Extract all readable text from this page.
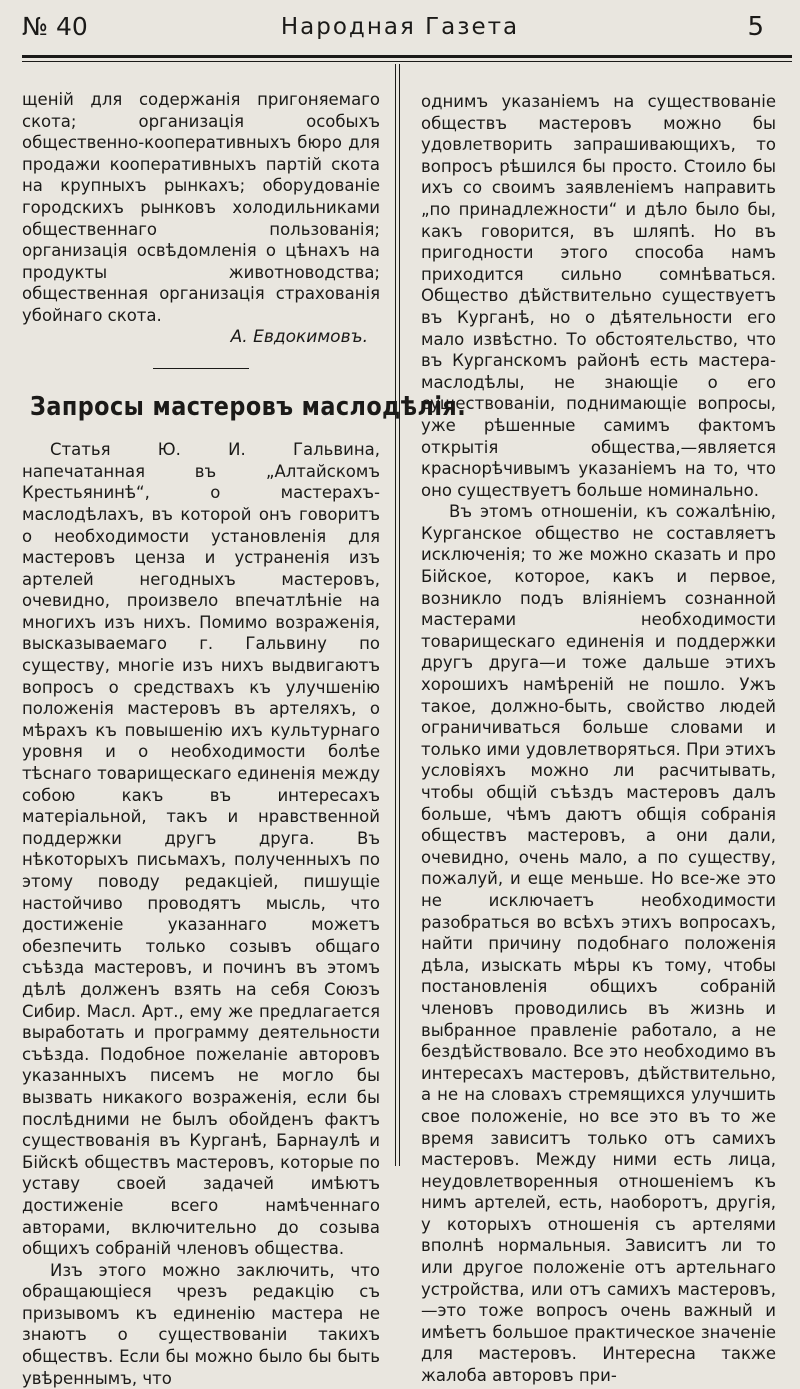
№ 40	Народная Газета	5

щеній для содержанія пригоняемаго скота; организація особыхъ общественно-кооперативныхъ бюро для продажи кооперативныхъ партій скота на крупныхъ рынкахъ; оборудованіе городскихъ рынковъ холодильниками общественнаго пользованія; организація освѣдомленія о цѣнахъ на продукты животноводства; общественная организація страхованія убойнаго скота.

А. Евдокимовъ.

Запросы мастеровъ маслодѣлія.

Статья Ю. И. Гальвина, напечатанная въ „Алтайскомъ Крестьянинѣ“, о мастерахъ-маслодѣлахъ, въ которой онъ говоритъ о необходимости установленія для мастеровъ ценза и устраненія изъ артелей негодныхъ мастеровъ, очевидно, произвело впечатлѣніе на многихъ изъ нихъ. Помимо возраженія, высказываемаго г. Гальвину по существу, многіе изъ нихъ выдвигаютъ вопросъ о средствахъ къ улучшенію положенія мастеровъ въ артеляхъ, о мѣрахъ къ повышенію ихъ культурнаго уровня и о необходимости болѣе тѣснаго товарищескаго единенія между собою какъ въ интересахъ матеріальной, такъ и нравственной поддержки другъ друга. Въ нѣкоторыхъ письмахъ, полученныхъ по этому поводу редакціей, пишущіе настойчиво проводятъ мысль, что достиженіе указаннаго можетъ обезпечить только созывъ общаго съѣзда мастеровъ, и починъ въ этомъ дѣлѣ долженъ взять на себя Союзъ Сибир. Масл. Арт., ему же предлагается выработать и программу деятельности съѣзда. Подобное пожеланіе авторовъ указанныхъ писемъ не могло бы вызвать никакого возраженія, если бы послѣдними не былъ обойденъ фактъ существованія въ Курганѣ, Барнаулѣ и Бійскѣ обществъ мастеровъ, которые по уставу своей задачей имѣютъ достиженіе всего намѣченнаго авторами, включительно до созыва общихъ собраній членовъ общества.

Изъ этого можно заключить, что обращающіеся чрезъ редакцію съ призывомъ къ единенію мастера не знаютъ о существованіи такихъ обществъ. Если бы можно было бы быть увѣреннымъ, что

однимъ указаніемъ на существованіе обществъ мастеровъ можно бы удовлетворить запрашивающихъ, то вопросъ рѣшился бы просто. Стоило бы ихъ со своимъ заявленіемъ направить „по принадлежности“ и дѣло было бы, какъ говорится, въ шляпѣ. Но въ пригодности этого способа намъ приходится сильно сомнѣваться. Общество дѣйствительно существуетъ въ Курганѣ, но о дѣятельности его мало извѣстно. То обстоятельство, что въ Курганскомъ районѣ есть мастера-маслодѣлы, не знающіе о его существованіи, поднимающіе вопросы, уже рѣшенные самимъ фактомъ открытія общества,—является краснорѣчивымъ указаніемъ на то, что оно существуетъ больше номинально.

Въ этомъ отношеніи, къ сожалѣнію, Курганское общество не составляетъ исключенія; то же можно сказать и про Бійское, которое, какъ и первое, возникло подъ вліяніемъ сознанной мастерами необходимости товарищескаго единенія и поддержки другъ друга—и тоже дальше этихъ хорошихъ намѣреній не пошло. Ужъ такое, должно-быть, свойство людей ограничиваться больше словами и только ими удовлетворяться. При этихъ условіяхъ можно ли расчитывать, чтобы общій съѣздъ мастеровъ далъ больше, чѣмъ даютъ общія собранія обществъ мастеровъ, а они дали, очевидно, очень мало, а по существу, пожалуй, и еще меньше. Но все-же это не исключаетъ необходимости разобраться во всѣхъ этихъ вопросахъ, найти причину подобнаго положенія дѣла, изыскать мѣры къ тому, чтобы постановленія общихъ собраній членовъ проводились въ жизнь и выбранное правленіе работало, а не бездѣйствовало. Все это необходимо въ интересахъ мастеровъ, дѣйствительно, а не на словахъ стремящихся улучшить свое положеніе, но все это въ то же время зависитъ только отъ самихъ мастеровъ. Между ними есть лица, неудовлетворенныя отношеніемъ къ нимъ артелей, есть, наоборотъ, другія, у которыхъ отношенія съ артелями вполнѣ нормальныя. Зависитъ ли то или другое положеніе отъ артельнаго устройства, или отъ самихъ мастеровъ,—это тоже вопросъ очень важный и имѣетъ большое практическое значеніе для мастеровъ. Интересна также жалоба авторовъ при-
